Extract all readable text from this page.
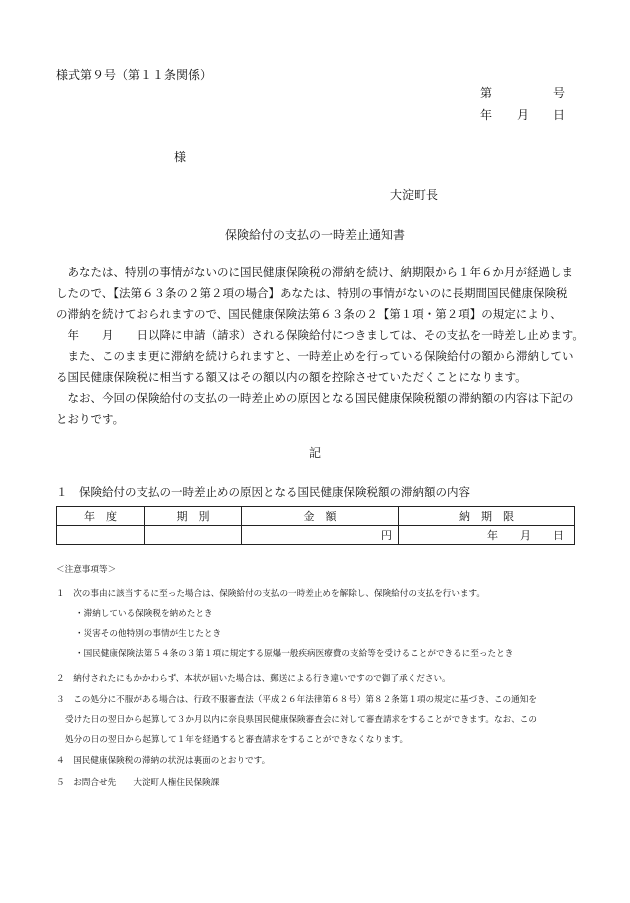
様式第９号（第１１条関係）
第	号
年 月 日
様
大淀町長
保険給付の支払の一時差止通知書
　あなたは、特別の事情がないのに国民健康保険税の滞納を続け、納期限から１年６か月が経過しま
したので、【法第６３条の２第２項の場合】あなたは、特別の事情がないのに長期間国民健康保険税
の滞納を続けておられますので、国民健康保険法第６３条の２【第１項・第２項】の規定により、
　年　　月　　日以降に申請（請求）される保険給付につきましては、その支払を一時差し止めます。
　また、このまま更に滞納を続けられますと、一時差止めを行っている保険給付の額から滞納してい
る国民健康保険税に相当する額又はその額以内の額を控除させていただくことになります。
　なお、今回の保険給付の支払の一時差止めの原因となる国民健康保険税額の滞納額の内容は下記の
とおりです。
記
１　保険給付の支払の一時差止めの原因となる国民健康保険税額の滞納額の内容
年　度	期　別	金　額	納　期　限
		円	年　　月　　日
＜注意事項等＞
１　次の事由に該当するに至った場合は、保険給付の支払の一時差止めを解除し、保険給付の支払を行います。
・滞納している保険税を納めたとき
・災害その他特別の事情が生じたとき
・国民健康保険法第５４条の３第１項に規定する原爆一般疾病医療費の支給等を受けることができるに至ったとき
２　納付されたにもかかわらず、本状が届いた場合は、郵送による行き違いですので御了承ください。
３　この処分に不服がある場合は、行政不服審査法（平成２６年法律第６８号）第８２条第１項の規定に基づき、この通知を
受けた日の翌日から起算して３か月以内に奈良県国民健康保険審査会に対して審査請求をすることができます。なお、この
処分の日の翌日から起算して１年を経過すると審査請求をすることができなくなります。
４　国民健康保険税の滞納の状況は裏面のとおりです。
５　お問合せ先　　大淀町人権住民保険課
